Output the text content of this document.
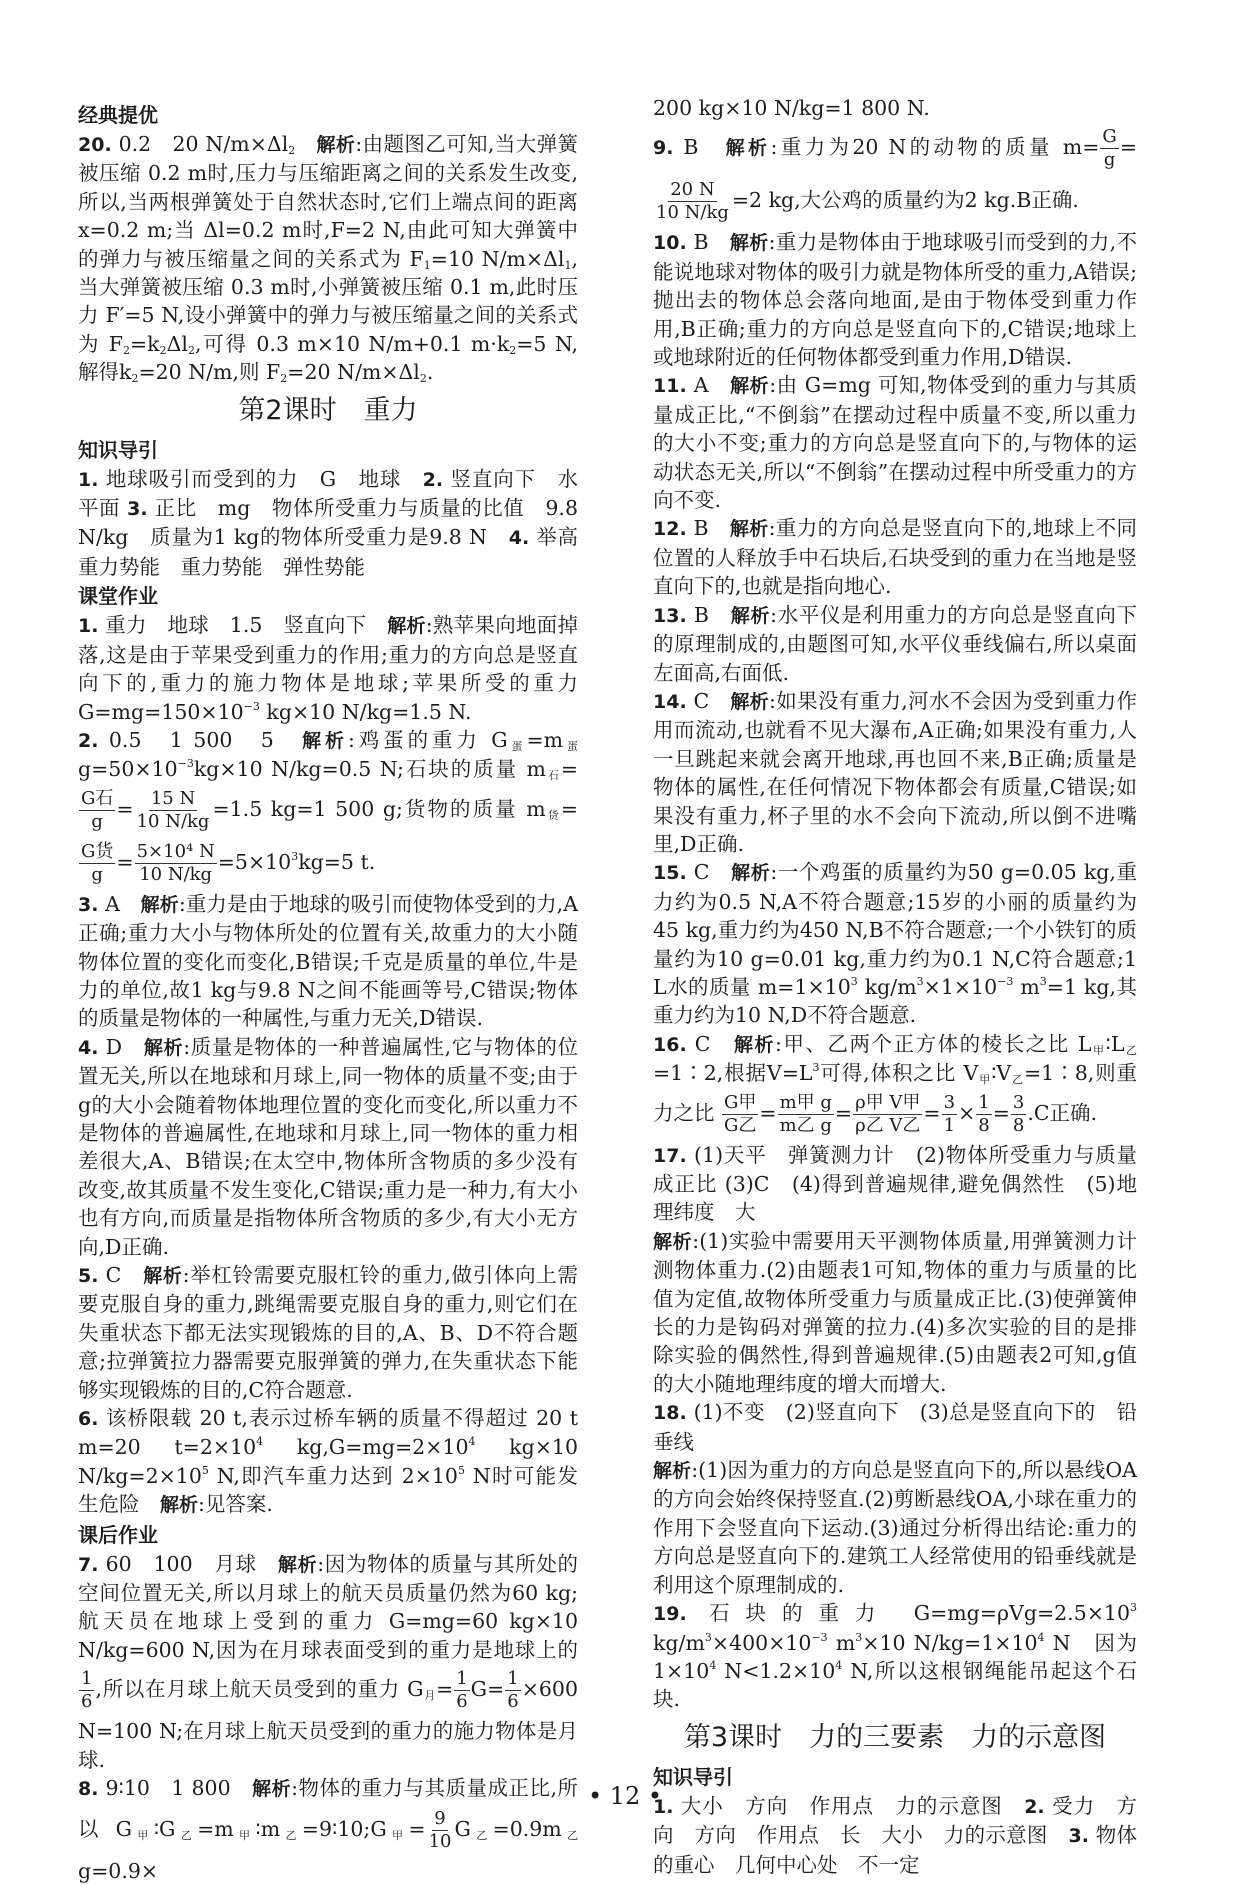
经典提优

20. 0.2　20 $N/m\times\Delta l_2$　 解析:由题图乙可知,当大弹簧被压缩 0.2 m时,压力与压缩距离之间的关系发生改变,所以,当两根弹簧处于自然状态时,它们上端点间的距离 x=0.2 m;当 Δl=0.2 m时,F=2 N,由此可知大弹簧中的弹力与被压缩量之间的关系式为 $F_1=10$ $N/m\times\Delta l_1$,当大弹簧被压缩 0.3 m时,小弹簧被压缩 0.1 m,此时压力 F′=5 N,设小弹簧中的弹力与被压缩量之间的关系式为 $F_2=k_2\Delta l_2$,可得 0.3 m×10 N/m+0.1 $m\cdot k_2=5$ N,解得$k_2=20$ N/m,则 $F_2=20$ $N/m\times\Delta l_2$.

第2课时　重力
知识导引

1. 地球吸引而受到的力　G　地球　2. 竖直向下　水平面 3. 正比　mg　物体所受重力与质量的比值　9.8 N/kg　质量为1 kg的物体所受重力是9.8 N　4. 举高　重力势能　重力势能　弹性势能

课堂作业

1. 重力　地球　1.5　竖直向下　解析:熟苹果向地面掉落,这是由于苹果受到重力的作用;重力的方向总是竖直向下的,重力的施力物体是地球;苹果所受的重力 $G=mg=150\times 10^{-3}$ kg×10 N/kg=1.5 N.

2. 0.5　1 500　5　解析:鸡蛋的重力 $G_蛋=m_蛋g=50\times 10^{-3}kg\times 10$ N/kg=0.5 N;石块的质量 $m_石=$
$\frac{\text{G石}}{g} = \frac{15 N}{10 N/kg} =1.5$ kg=1 500 g;货物的质量 $m_货=$
$\frac{\text{G货}}{g} = \frac{\text{5×10⁴ N}}{10 N/kg} =5\times 10^3kg=5$ t.

3. A　解析:重力是由于地球的吸引而使物体受到的力,A正确;重力大小与物体所处的位置有关,故重力的大小随物体位置的变化而变化,B错误;千克是质量的单位,牛是力的单位,故1 kg与9.8 N之间不能画等号,C错误;物体的质量是物体的一种属性,与重力无关,D错误.

4. D　解析:质量是物体的一种普遍属性,它与物体的位置无关,所以在地球和月球上,同一物体的质量不变;由于g的大小会随着物体地理位置的变化而变化,所以重力不是物体的普遍属性,在地球和月球上,同一物体的重力相差很大,A、B错误;在太空中,物体所含物质的多少没有改变,故其质量不发生变化,C错误;重力是一种力,有大小也有方向,而质量是指物体所含物质的多少,有大小无方向,D正确.

5. C　解析:举杠铃需要克服杠铃的重力,做引体向上需要克服自身的重力,跳绳需要克服自身的重力,则它们在失重状态下都无法实现锻炼的目的,A、B、D不符合题意;拉弹簧拉力器需要克服弹簧的弹力,在失重状态下能够实现锻炼的目的,C符合题意.

6. 该桥限载 20 t,表示过桥车辆的质量不得超过 20 t　m=20 $t=2\times 10^4$ $kg,G=mg=2\times 10^4$ kg×10 $N/kg=2\times 10^5$ N,即汽车重力达到 $2\times 10^5$ N时可能发生危险　解析:见答案.

课后作业

7. 60　100　月球　解析:因为物体的质量与其所处的空间位置无关,所以月球上的航天员质量仍然为60 kg;航天员在地球上受到的重力 G=mg=60 kg×10 N/kg=600 N,因为在月球表面受到的重力是地球上的
$\frac{1}{6}$ ,所以在月球上航天员受到的重力 $G_月= \frac{1}{6} G= \frac{1}{6} \times 600$ N=100 N;在月球上航天员受到的重力的施力物体是月球.

8. 9∶10　1 800　解析:物体的重力与其质量成正比,所以 $G_甲∶G_乙=m_甲∶m_乙=9∶10;G_甲= \frac{9}{10} G_乙=0.9m_乙g=0.9\times$

200 kg×10 N/kg=1 800 N.

9. B　解析:重力为20 N的动物的质量 $m= \frac{G}{g}$ =
$\frac{20 N}{10 N/kg} =2$ kg,大公鸡的质量约为2 kg.B正确.

10. B　解析:重力是物体由于地球吸引而受到的力,不能说地球对物体的吸引力就是物体所受的重力,A错误;抛出去的物体总会落向地面,是由于物体受到重力作用,B正确;重力的方向总是竖直向下的,C错误;地球上或地球附近的任何物体都受到重力作用,D错误.

11. A　解析:由 G=mg 可知,物体受到的重力与其质量成正比,“不倒翁”在摆动过程中质量不变,所以重力的大小不变;重力的方向总是竖直向下的,与物体的运动状态无关,所以“不倒翁”在摆动过程中所受重力的方向不变.

12. B　解析:重力的方向总是竖直向下的,地球上不同位置的人释放手中石块后,石块受到的重力在当地是竖直向下的,也就是指向地心.

13. B　解析:水平仪是利用重力的方向总是竖直向下的原理制成的,由题图可知,水平仪垂线偏右,所以桌面左面高,右面低.

14. C　解析:如果没有重力,河水不会因为受到重力作用而流动,也就看不见大瀑布,A正确;如果没有重力,人一旦跳起来就会离开地球,再也回不来,B正确;质量是物体的属性,在任何情况下物体都会有质量,C错误;如果没有重力,杯子里的水不会向下流动,所以倒不进嘴里,D正确.

15. C　解析:一个鸡蛋的质量约为50 g=0.05 kg,重力约为0.5 N,A不符合题意;15岁的小丽的质量约为45 kg,重力约为450 N,B不符合题意;一个小铁钉的质量约为10 g=0.01 kg,重力约为0.1 N,C符合题意;1 L水的质量 $m=1\times 10^3$ $kg/m^3\times 1\times 10^{-3}$ $m^3=1$ kg,其重力约为10 N,D不符合题意.

16. C　解析:甲、乙两个正方体的棱长之比 $L_甲∶L_乙=1∶2$,根据$V=L^3$可得,体积之比 $V_甲∶V_乙=1∶8$,则重力之比 $\frac{\text{G甲}}{\text{G乙}} = \frac{\text{m甲 g}}{\text{m乙 g}} = \frac{\text{ρ甲 V甲}}{\text{ρ乙 V乙}} = \frac{3}{1} \times \frac{1}{8} = \frac{3}{8} .C$正确.

17. (1)天平　弹簧测力计　(2)物体所受重力与质量成正比 (3)C　(4)得到普遍规律,避免偶然性　(5)地理纬度　大

解析:(1)实验中需要用天平测物体质量,用弹簧测力计测物体重力.(2)由题表1可知,物体的重力与质量的比值为定值,故物体所受重力与质量成正比.(3)使弹簧伸长的力是钩码对弹簧的拉力.(4)多次实验的目的是排除实验的偶然性,得到普遍规律.(5)由题表2可知,g值的大小随地理纬度的增大而增大.

18. (1)不变　(2)竖直向下　(3)总是竖直向下的　铅垂线

解析:(1)因为重力的方向总是竖直向下的,所以悬线OA的方向会始终保持竖直.(2)剪断悬线OA,小球在重力的作用下会竖直向下运动.(3)通过分析得出结论:重力的方向总是竖直向下的.建筑工人经常使用的铅垂线就是利用这个原理制成的.

19. 石块的重力 $G=mg=\rho Vg=2.5\times 10^3$ $kg/m^3\times 400\times 10^{-3}$ $m^3\times 10$ $N/kg=1\times 10^4$ N　因为$1\times 10^4$ $N<1.2\times 10^4$ N,所以这根钢绳能吊起这个石块.

第3课时　力的三要素　力的示意图
知识导引

1. 大小　方向　作用点　力的示意图　2. 受力　方向　方向　作用点　长　大小　力的示意图　3. 物体的重心　几何中心处　不一定

• 12 •
